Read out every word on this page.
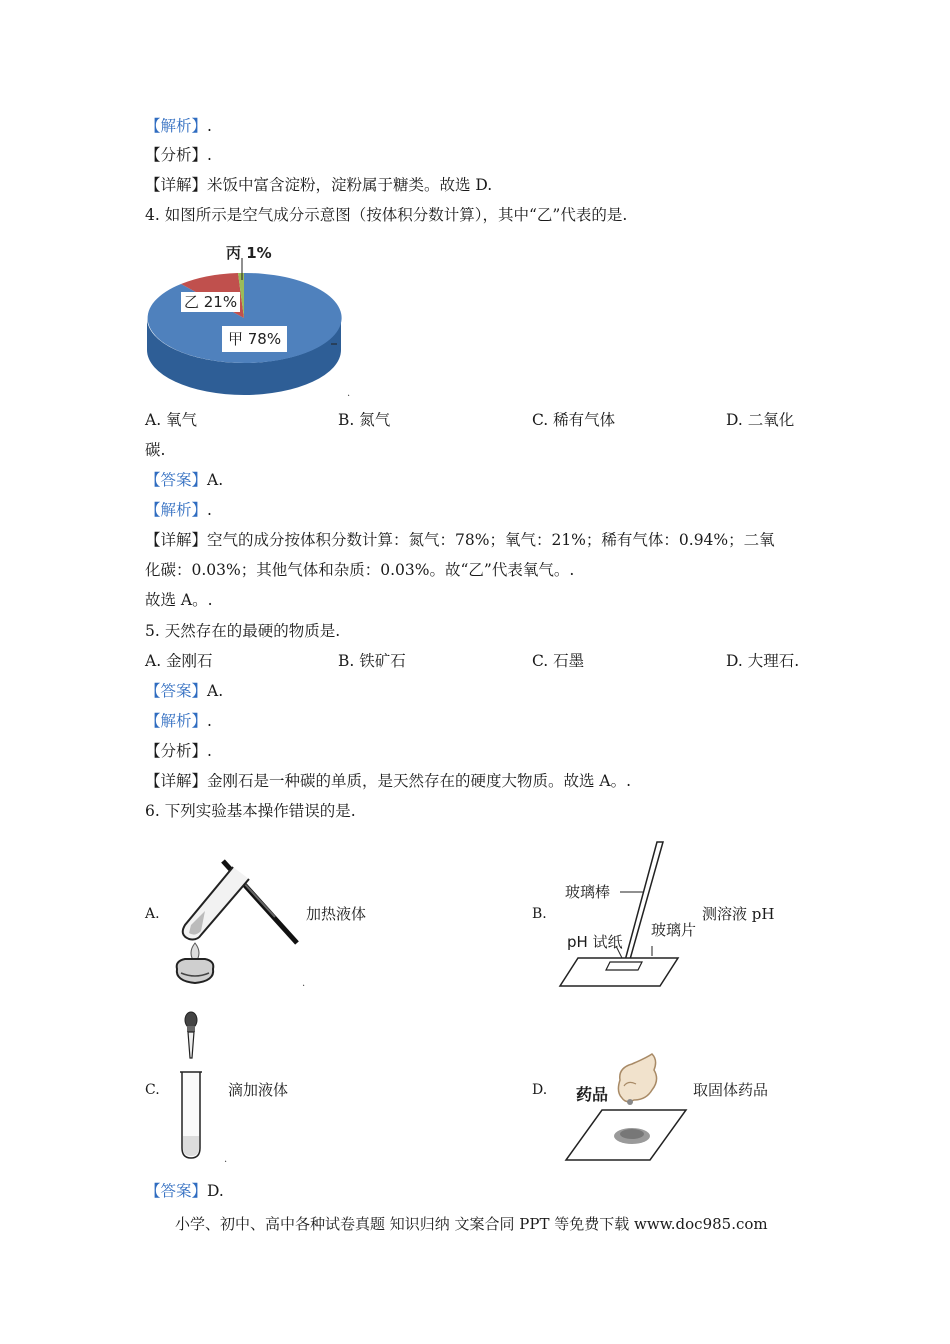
【解析】.
【分析】.
【详解】米饭中富含淀粉，淀粉属于糖类。故选 D.
4. 如图所示是空气成分示意图（按体积分数计算），其中“乙”代表的是.
丙 1%
乙 21%
甲 78%
.
A. 氧气	B. 氮气	C. 稀有气体	D. 二氧化
碳.
【答案】A.
【解析】.
【详解】空气的成分按体积分数计算：氮气：78%；氧气：21%；稀有气体：0.94%；二氧
化碳：0.03%；其他气体和杂质：0.03%。故“乙”代表氧气。.
故选 A。.
5. 天然存在的最硬的物质是.
A. 金刚石	B. 铁矿石	C. 石墨	D. 大理石.
【答案】A.
【解析】.
【分析】.
【详解】金刚石是一种碳的单质，是天然存在的硬度大物质。故选 A。.
6. 下列实验基本操作错误的是.
A.	加热液体
.
B.
玻璃棒
pH 试纸
玻璃片
测溶液 pH
C.	滴加液体
.
D. 药品	取固体药品
【答案】D.
小学、初中、高中各种试卷真题 知识归纳 文案合同 PPT 等免费下载 www.doc985.com
